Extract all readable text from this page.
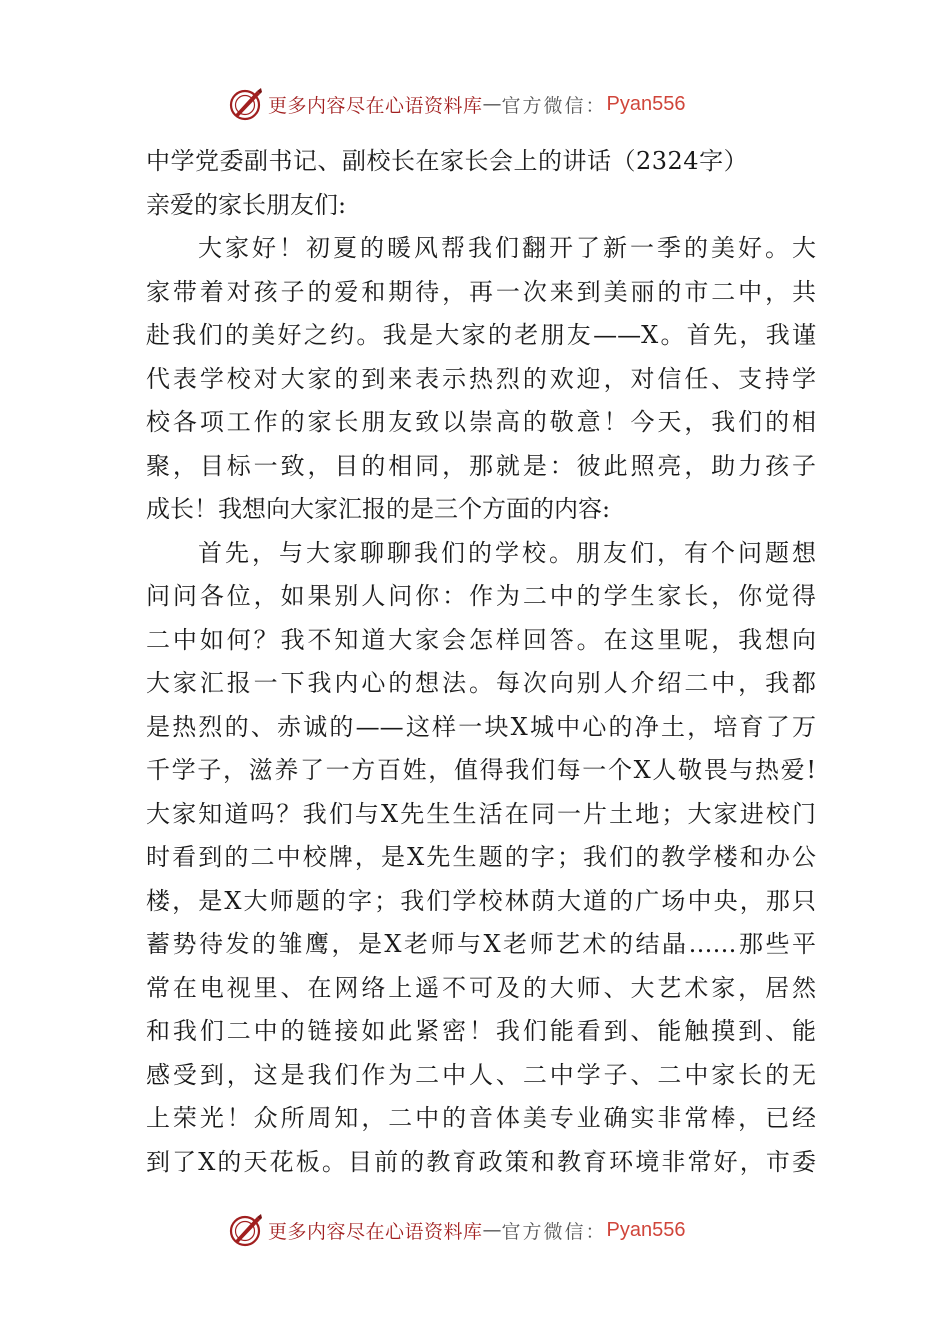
更多内容尽在心语资料库 — 官方微信： Pyan556
中学党委副书记、副校长在家长会上的讲话（2324字）
亲爱的家长朋友们:
大家好！初夏的暖风帮我们翻开了新一季的美好。大
家带着对孩子的爱和期待，再一次来到美丽的市二中，共
赴我们的美好之约。我是大家的老朋友——X。首先，我谨
代表学校对大家的到来表示热烈的欢迎，对信任、支持学
校各项工作的家长朋友致以崇高的敬意！今天，我们的相
聚，目标一致，目的相同，那就是：彼此照亮，助力孩子
成长！我想向大家汇报的是三个方面的内容:
首先，与大家聊聊我们的学校。朋友们，有个问题想
问问各位，如果别人问你：作为二中的学生家长，你觉得
二中如何？我不知道大家会怎样回答。在这里呢，我想向
大家汇报一下我内心的想法。每次向别人介绍二中，我都
是热烈的、赤诚的——这样一块X城中心的净土，培育了万
千学子，滋养了一方百姓，值得我们每一个X人敬畏与热爱!
大家知道吗？我们与X先生生活在同一片土地；大家进校门
时看到的二中校牌，是X先生题的字；我们的教学楼和办公
楼，是X大师题的字；我们学校林荫大道的广场中央，那只
蓄势待发的雏鹰，是X老师与X老师艺术的结晶……那些平
常在电视里、在网络上遥不可及的大师、大艺术家，居然
和我们二中的链接如此紧密！我们能看到、能触摸到、能
感受到，这是我们作为二中人、二中学子、二中家长的无
上荣光！众所周知，二中的音体美专业确实非常棒，已经
到了X的天花板。目前的教育政策和教育环境非常好，市委
更多内容尽在心语资料库 — 官方微信： Pyan556
